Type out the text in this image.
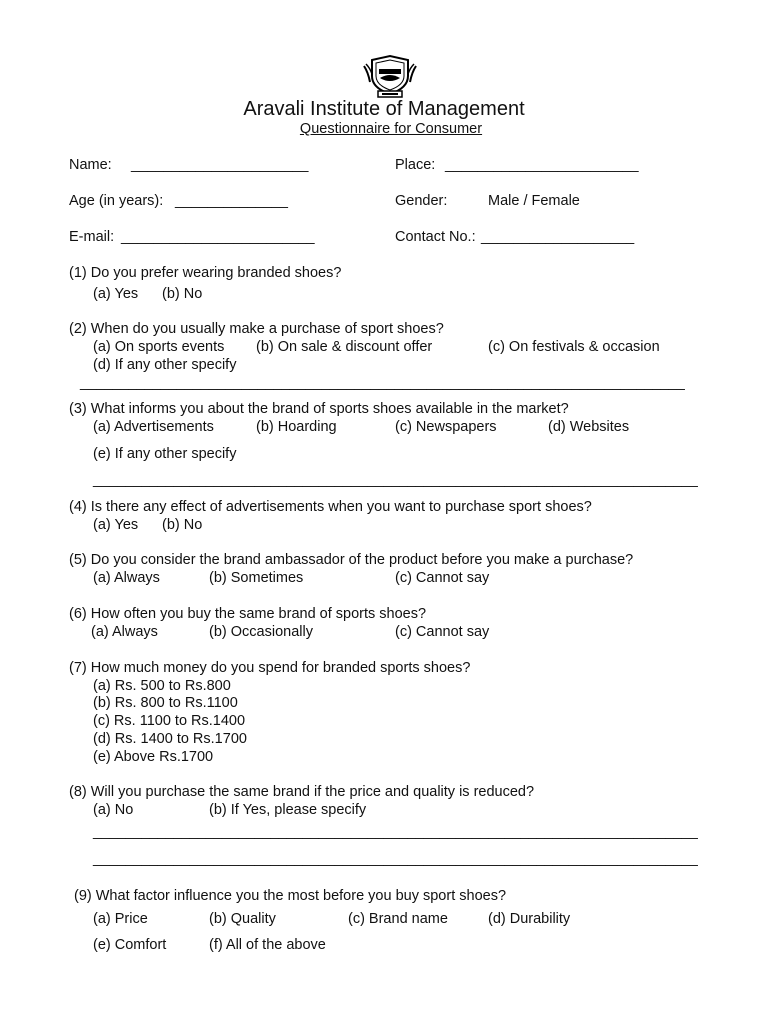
Aravali Institute of Management
Questionnaire for Consumer
Name: ______________________	Place: ________________________
Age (in years): ______________	Gender:	Male / Female
E-mail: ________________________	Contact No.: ___________________
(1) Do you prefer wearing branded shoes?
(a) Yes (b) No
(2) When do you usually make a purchase of sport shoes?
(a) On sports events (b) On sale & discount offer	(c) On festivals & occasion
(d) If any other specify
___________________________________________________________________________
(3) What informs you about the brand of sports shoes available in the market?
(a) Advertisements	(b) Hoarding	(c) Newspapers	(d) Websites
(e) If any other specify
___________________________________________________________________________
(4) Is there any effect of advertisements when you want to purchase sport shoes?
(a) Yes (b) No
(5) Do you consider the brand ambassador of the product before you make a purchase?
(a) Always	(b) Sometimes	(c) Cannot say
(6) How often you buy the same brand of sports shoes?
(a) Always	(b) Occasionally	(c) Cannot say
(7) How much money do you spend for branded sports shoes?
(a) Rs. 500 to Rs.800
(b) Rs. 800 to Rs.1100
(c) Rs. 1100 to Rs.1400
(d) Rs. 1400 to Rs.1700
(e) Above Rs.1700
(8) Will you purchase the same brand if the price and quality is reduced?
(a) No	(b) If Yes, please specify
___________________________________________________________________________
___________________________________________________________________________
(9) What factor influence you the most before you buy sport shoes?
(a) Price	(b) Quality	(c) Brand name	(d) Durability
(e) Comfort	(f) All of the above
